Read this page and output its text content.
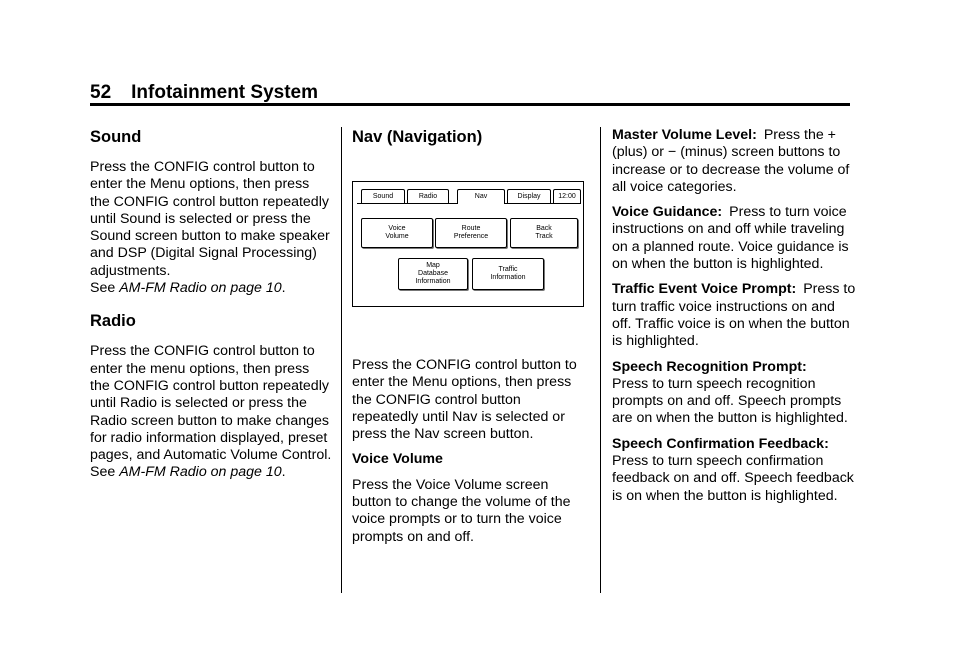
52 Infotainment System
Sound

Press the CONFIG control button to enter the Menu options, then press the CONFIG control button repeatedly until Sound is selected or press the Sound screen button to make speaker and DSP (Digital Signal Processing) adjustments.
See AM-FM Radio on page 10.

Radio

Press the CONFIG control button to enter the menu options, then press the CONFIG control button repeatedly until Radio is selected or press the Radio screen button to make changes for radio information displayed, preset pages, and Automatic Volume Control. See AM-FM Radio on page 10.

Nav (Navigation)
Sound	Radio	Nav	Display	12:00
Voice
Volume
Route
Preference
Back
Track
Map
Database
Information
Traffic
Information

Press the CONFIG control button to enter the Menu options, then press the CONFIG control button repeatedly until Nav is selected or press the Nav screen button.

Voice Volume

Press the Voice Volume screen button to change the volume of the voice prompts or to turn the voice prompts on and off.

Master Volume Level: Press the + (plus) or − (minus) screen buttons to increase or to decrease the volume of all voice categories.

Voice Guidance: Press to turn voice instructions on and off while traveling on a planned route. Voice guidance is on when the button is highlighted.

Traffic Event Voice Prompt: Press to turn traffic voice instructions on and off. Traffic voice is on when the button is highlighted.

Speech Recognition Prompt:
Press to turn speech recognition prompts on and off. Speech prompts are on when the button is highlighted.

Speech Confirmation Feedback:
Press to turn speech confirmation feedback on and off. Speech feedback is on when the button is highlighted.
